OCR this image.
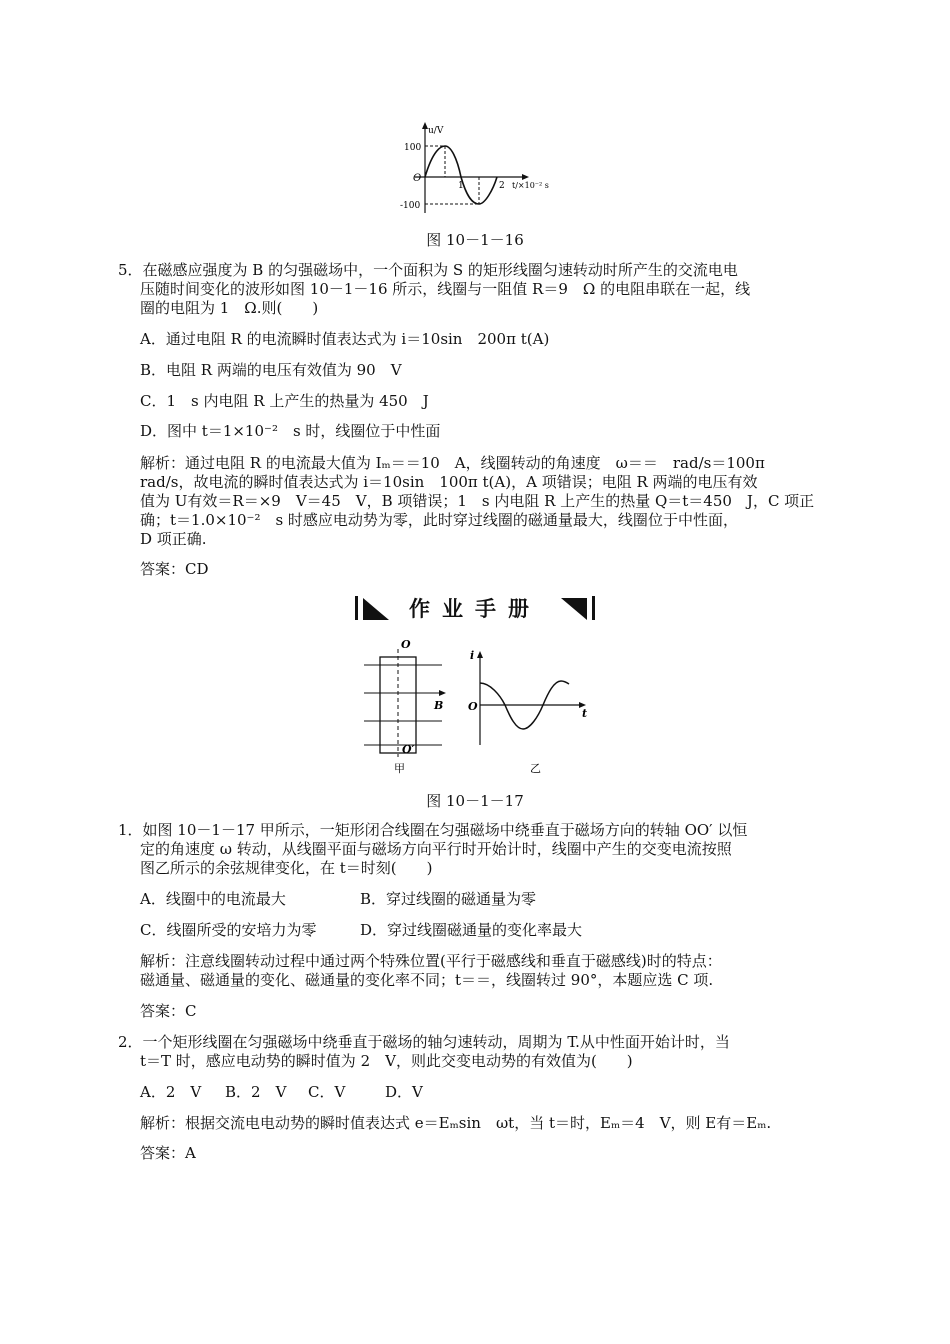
u/V
100
O
-100
1	2 t/×10⁻² s
图 10－1－16
5．在磁感应强度为 B 的匀强磁场中，一个面积为 S 的矩形线圈匀速转动时所产生的交流电电
压随时间变化的波形如图 10－1－16 所示，线圈与一阻值 R＝9　Ω 的电阻串联在一起，线
圈的电阻为 1　Ω.则(　　)
A．通过电阻 R 的电流瞬时值表达式为 i＝10sin　200π t(A)
B．电阻 R 两端的电压有效值为 90　V
C．1　s 内电阻 R 上产生的热量为 450　J
D．图中 t＝1×10⁻²　s 时，线圈位于中性面
解析：通过电阻 R 的电流最大值为 Iₘ＝＝10　A，线圈转动的角速度　ω＝＝　rad/s＝100π
rad/s，故电流的瞬时值表达式为 i＝10sin　100π t(A)，A 项错误；电阻 R 两端的电压有效
值为 U有效＝R＝×9　V＝45　V，B 项错误；1　s 内电阻 R 上产生的热量 Q＝t＝450　J，C 项正
确；t＝1.0×10⁻²　s 时感应电动势为零，此时穿过线圈的磁通量最大，线圈位于中性面，
D 项正确.
答案：CD
作业手册
O
B
O′
甲
i
O
t
乙
图 10－1－17
1．如图 10－1－17 甲所示，一矩形闭合线圈在匀强磁场中绕垂直于磁场方向的转轴 OO′ 以恒
定的角速度 ω 转动，从线圈平面与磁场方向平行时开始计时，线圈中产生的交变电流按照
图乙所示的余弦规律变化，在 t＝时刻(　　)
A．线圈中的电流最大	B．穿过线圈的磁通量为零
C．线圈所受的安培力为零	D．穿过线圈磁通量的变化率最大
解析：注意线圈转动过程中通过两个特殊位置(平行于磁感线和垂直于磁感线)时的特点：
磁通量、磁通量的变化、磁通量的变化率不同；t＝＝，线圈转过 90°，本题应选 C 项.
答案：C
2．一个矩形线圈在匀强磁场中绕垂直于磁场的轴匀速转动，周期为 T.从中性面开始计时，当
t＝T 时，感应电动势的瞬时值为 2　V，则此交变电动势的有效值为(　　)
A．2　V B．2　V C．V	D．V
解析：根据交流电电动势的瞬时值表达式 e＝Eₘsin　ωt，当 t＝时，Eₘ＝4　V，则 E有＝Eₘ.
答案：A
